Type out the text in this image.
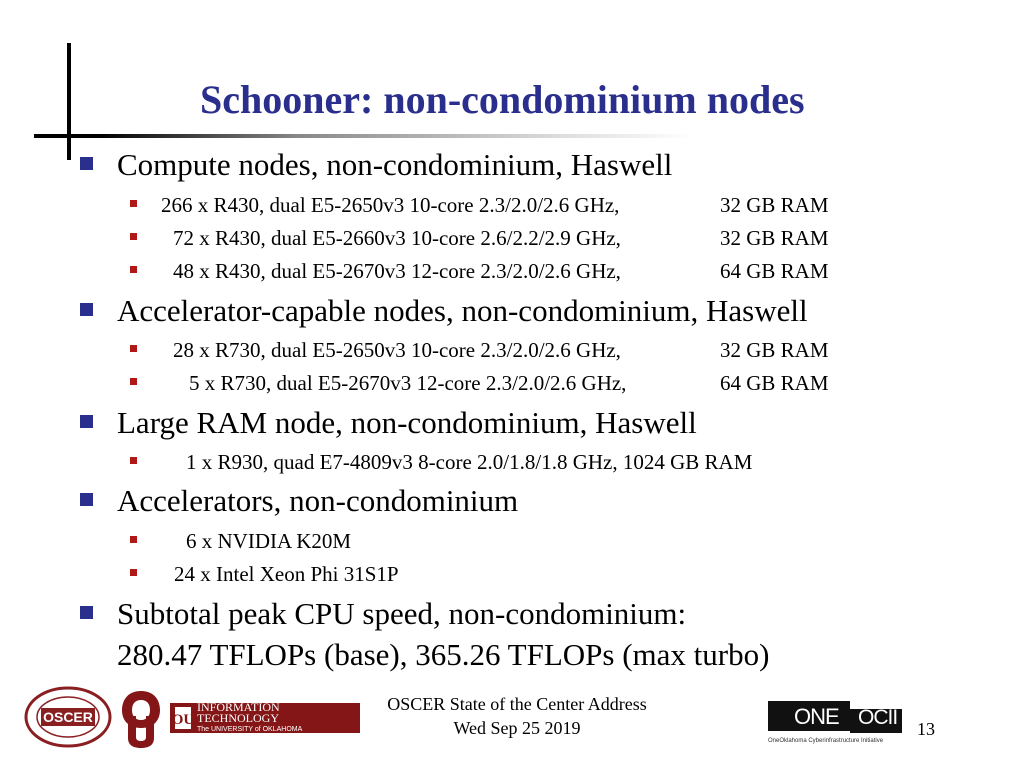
Schooner: non-condominium nodes
Compute nodes, non-condominium, Haswell
266 x R430, dual E5-2650v3 10-core 2.3/2.0/2.6 GHz,	32 GB RAM
72 x R430, dual E5-2660v3 10-core 2.6/2.2/2.9 GHz,	32 GB RAM
48 x R430, dual E5-2670v3 12-core 2.3/2.0/2.6 GHz,	64 GB RAM
Accelerator-capable nodes, non-condominium, Haswell
28 x R730, dual E5-2650v3 10-core 2.3/2.0/2.6 GHz,	32 GB RAM
5 x R730, dual E5-2670v3 12-core 2.3/2.0/2.6 GHz,	64 GB RAM
Large RAM node, non-condominium, Haswell
1 x R930, quad E7-4809v3 8-core 2.0/1.8/1.8 GHz, 1024 GB RAM
Accelerators, non-condominium
6 x NVIDIA K20M
24 x Intel Xeon Phi 31S1P
Subtotal peak CPU speed, non-condominium:
280.47 TFLOPs (base), 365.26 TFLOPs (max turbo)
OSCER	OU
INFORMATION TECHNOLOGY
The UNIVERSITY of OKLAHOMA
OSCER State of the Center Address
Wed Sep 25 2019	ONE OCII
OneOklahoma Cyberinfrastructure Initiative
13
